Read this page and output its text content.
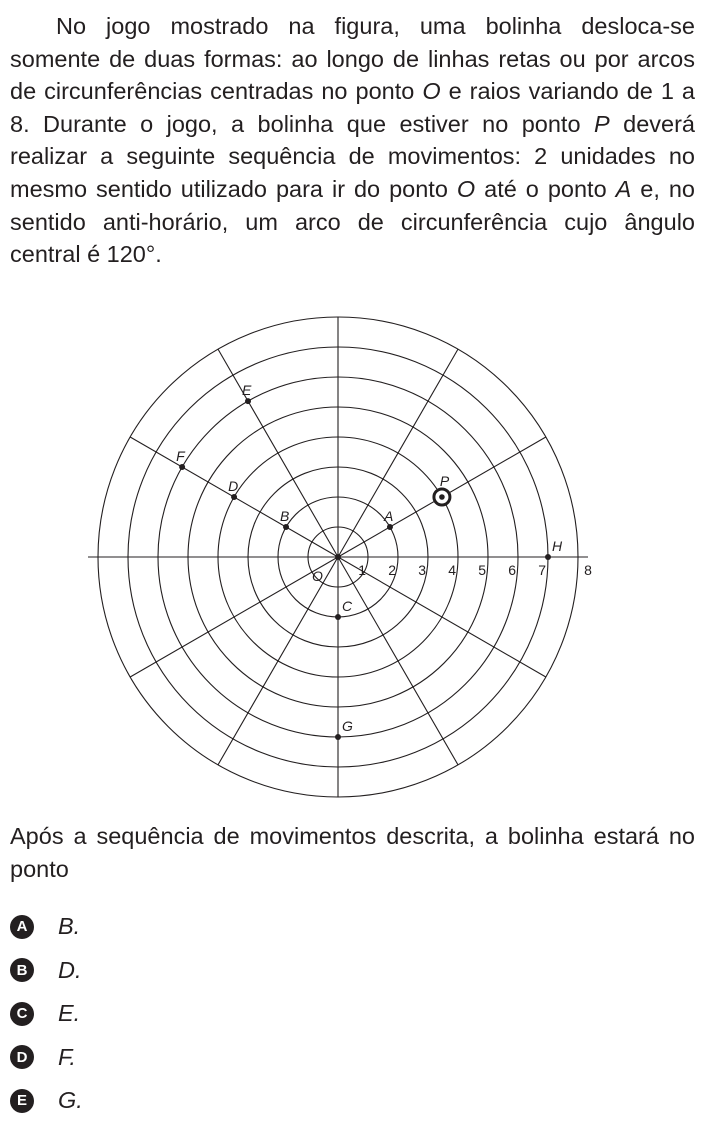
No jogo mostrado na figura, uma bolinha desloca-se somente de duas formas: ao longo de linhas retas ou por arcos de circunferências centradas no ponto O e raios variando de 1 a 8. Durante o jogo, a bolinha que estiver no ponto P deverá realizar a seguinte sequência de movimentos: 2 unidades no mesmo sentido utilizado para ir do ponto O até o ponto A e, no sentido anti-horário, um arco de circunferência cujo ângulo central é 120°.

1 2 3 4 5 6 7	8
O
A
P
B
D
F
E
H
C
G

Após a sequência de movimentos descrita, a bolinha estará no ponto

A B.
B D.
C E.
D F.
E G.
